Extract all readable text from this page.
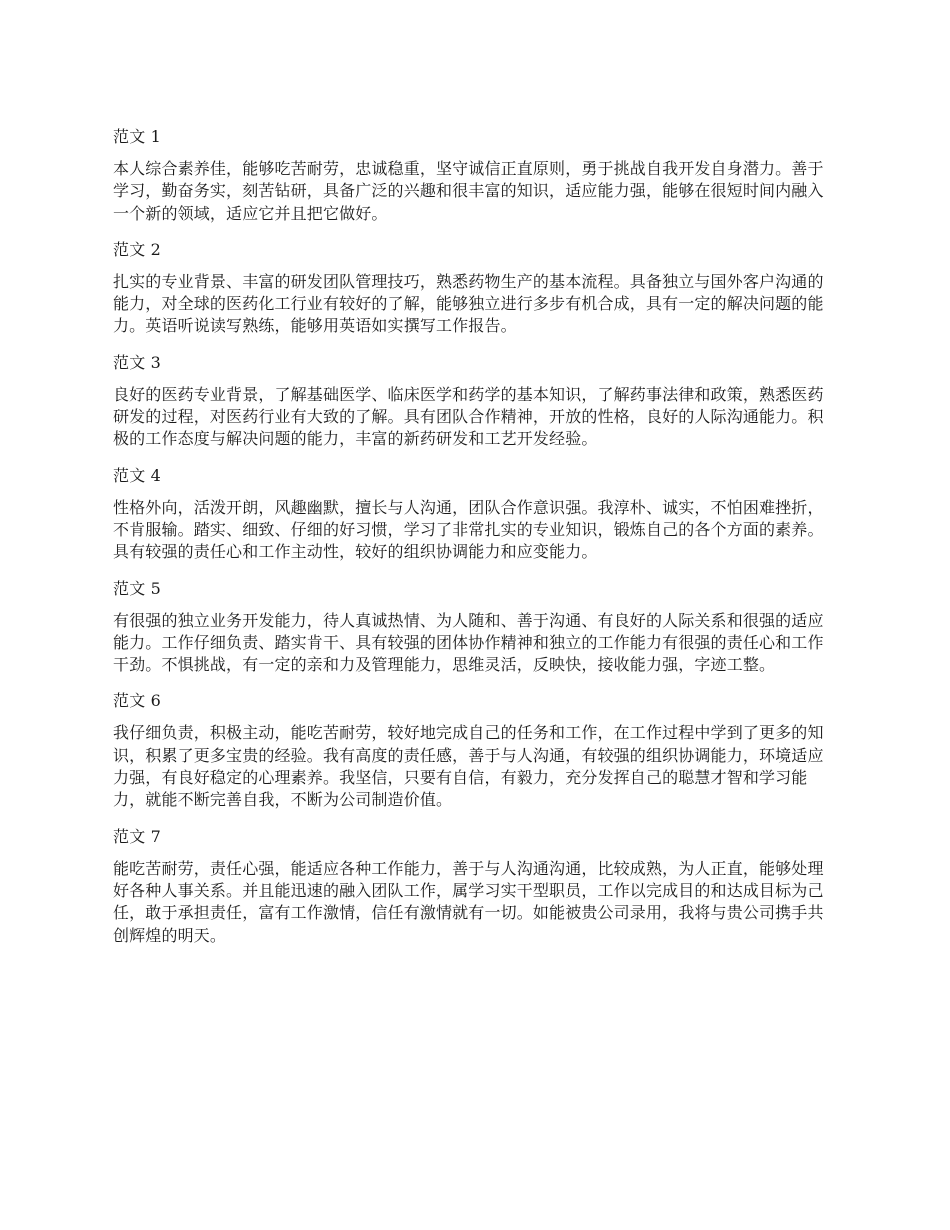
范文 1

本人综合素养佳，能够吃苦耐劳，忠诚稳重，坚守诚信正直原则，勇于挑战自我开发自身潜力。善于学习，勤奋务实，刻苦钻研，具备广泛的兴趣和很丰富的知识，适应能力强，能够在很短时间内融入一个新的领域，适应它并且把它做好。

范文 2

扎实的专业背景、丰富的研发团队管理技巧，熟悉药物生产的基本流程。具备独立与国外客户沟通的能力，对全球的医药化工行业有较好的了解，能够独立进行多步有机合成，具有一定的解决问题的能力。英语听说读写熟练，能够用英语如实撰写工作报告。

范文 3

良好的医药专业背景，了解基础医学、临床医学和药学的基本知识，了解药事法律和政策，熟悉医药研发的过程，对医药行业有大致的了解。具有团队合作精神，开放的性格，良好的人际沟通能力。积极的工作态度与解决问题的能力，丰富的新药研发和工艺开发经验。

范文 4

性格外向，活泼开朗，风趣幽默，擅长与人沟通，团队合作意识强。我淳朴、诚实，不怕困难挫折，不肯服输。踏实、细致、仔细的好习惯，学习了非常扎实的专业知识，锻炼自己的各个方面的素养。具有较强的责任心和工作主动性，较好的组织协调能力和应变能力。

范文 5

有很强的独立业务开发能力，待人真诚热情、为人随和、善于沟通、有良好的人际关系和很强的适应能力。工作仔细负责、踏实肯干、具有较强的团体协作精神和独立的工作能力有很强的责任心和工作干劲。不惧挑战，有一定的亲和力及管理能力，思维灵活，反映快，接收能力强，字迹工整。

范文 6

我仔细负责，积极主动，能吃苦耐劳，较好地完成自己的任务和工作，在工作过程中学到了更多的知识，积累了更多宝贵的经验。我有高度的责任感，善于与人沟通，有较强的组织协调能力，环境适应力强，有良好稳定的心理素养。我坚信，只要有自信，有毅力，充分发挥自己的聪慧才智和学习能力，就能不断完善自我，不断为公司制造价值。

范文 7

能吃苦耐劳，责任心强，能适应各种工作能力，善于与人沟通沟通，比较成熟，为人正直，能够处理好各种人事关系。并且能迅速的融入团队工作，属学习实干型职员，工作以完成目的和达成目标为己任，敢于承担责任，富有工作激情，信任有激情就有一切。如能被贵公司录用，我将与贵公司携手共创辉煌的明天。
